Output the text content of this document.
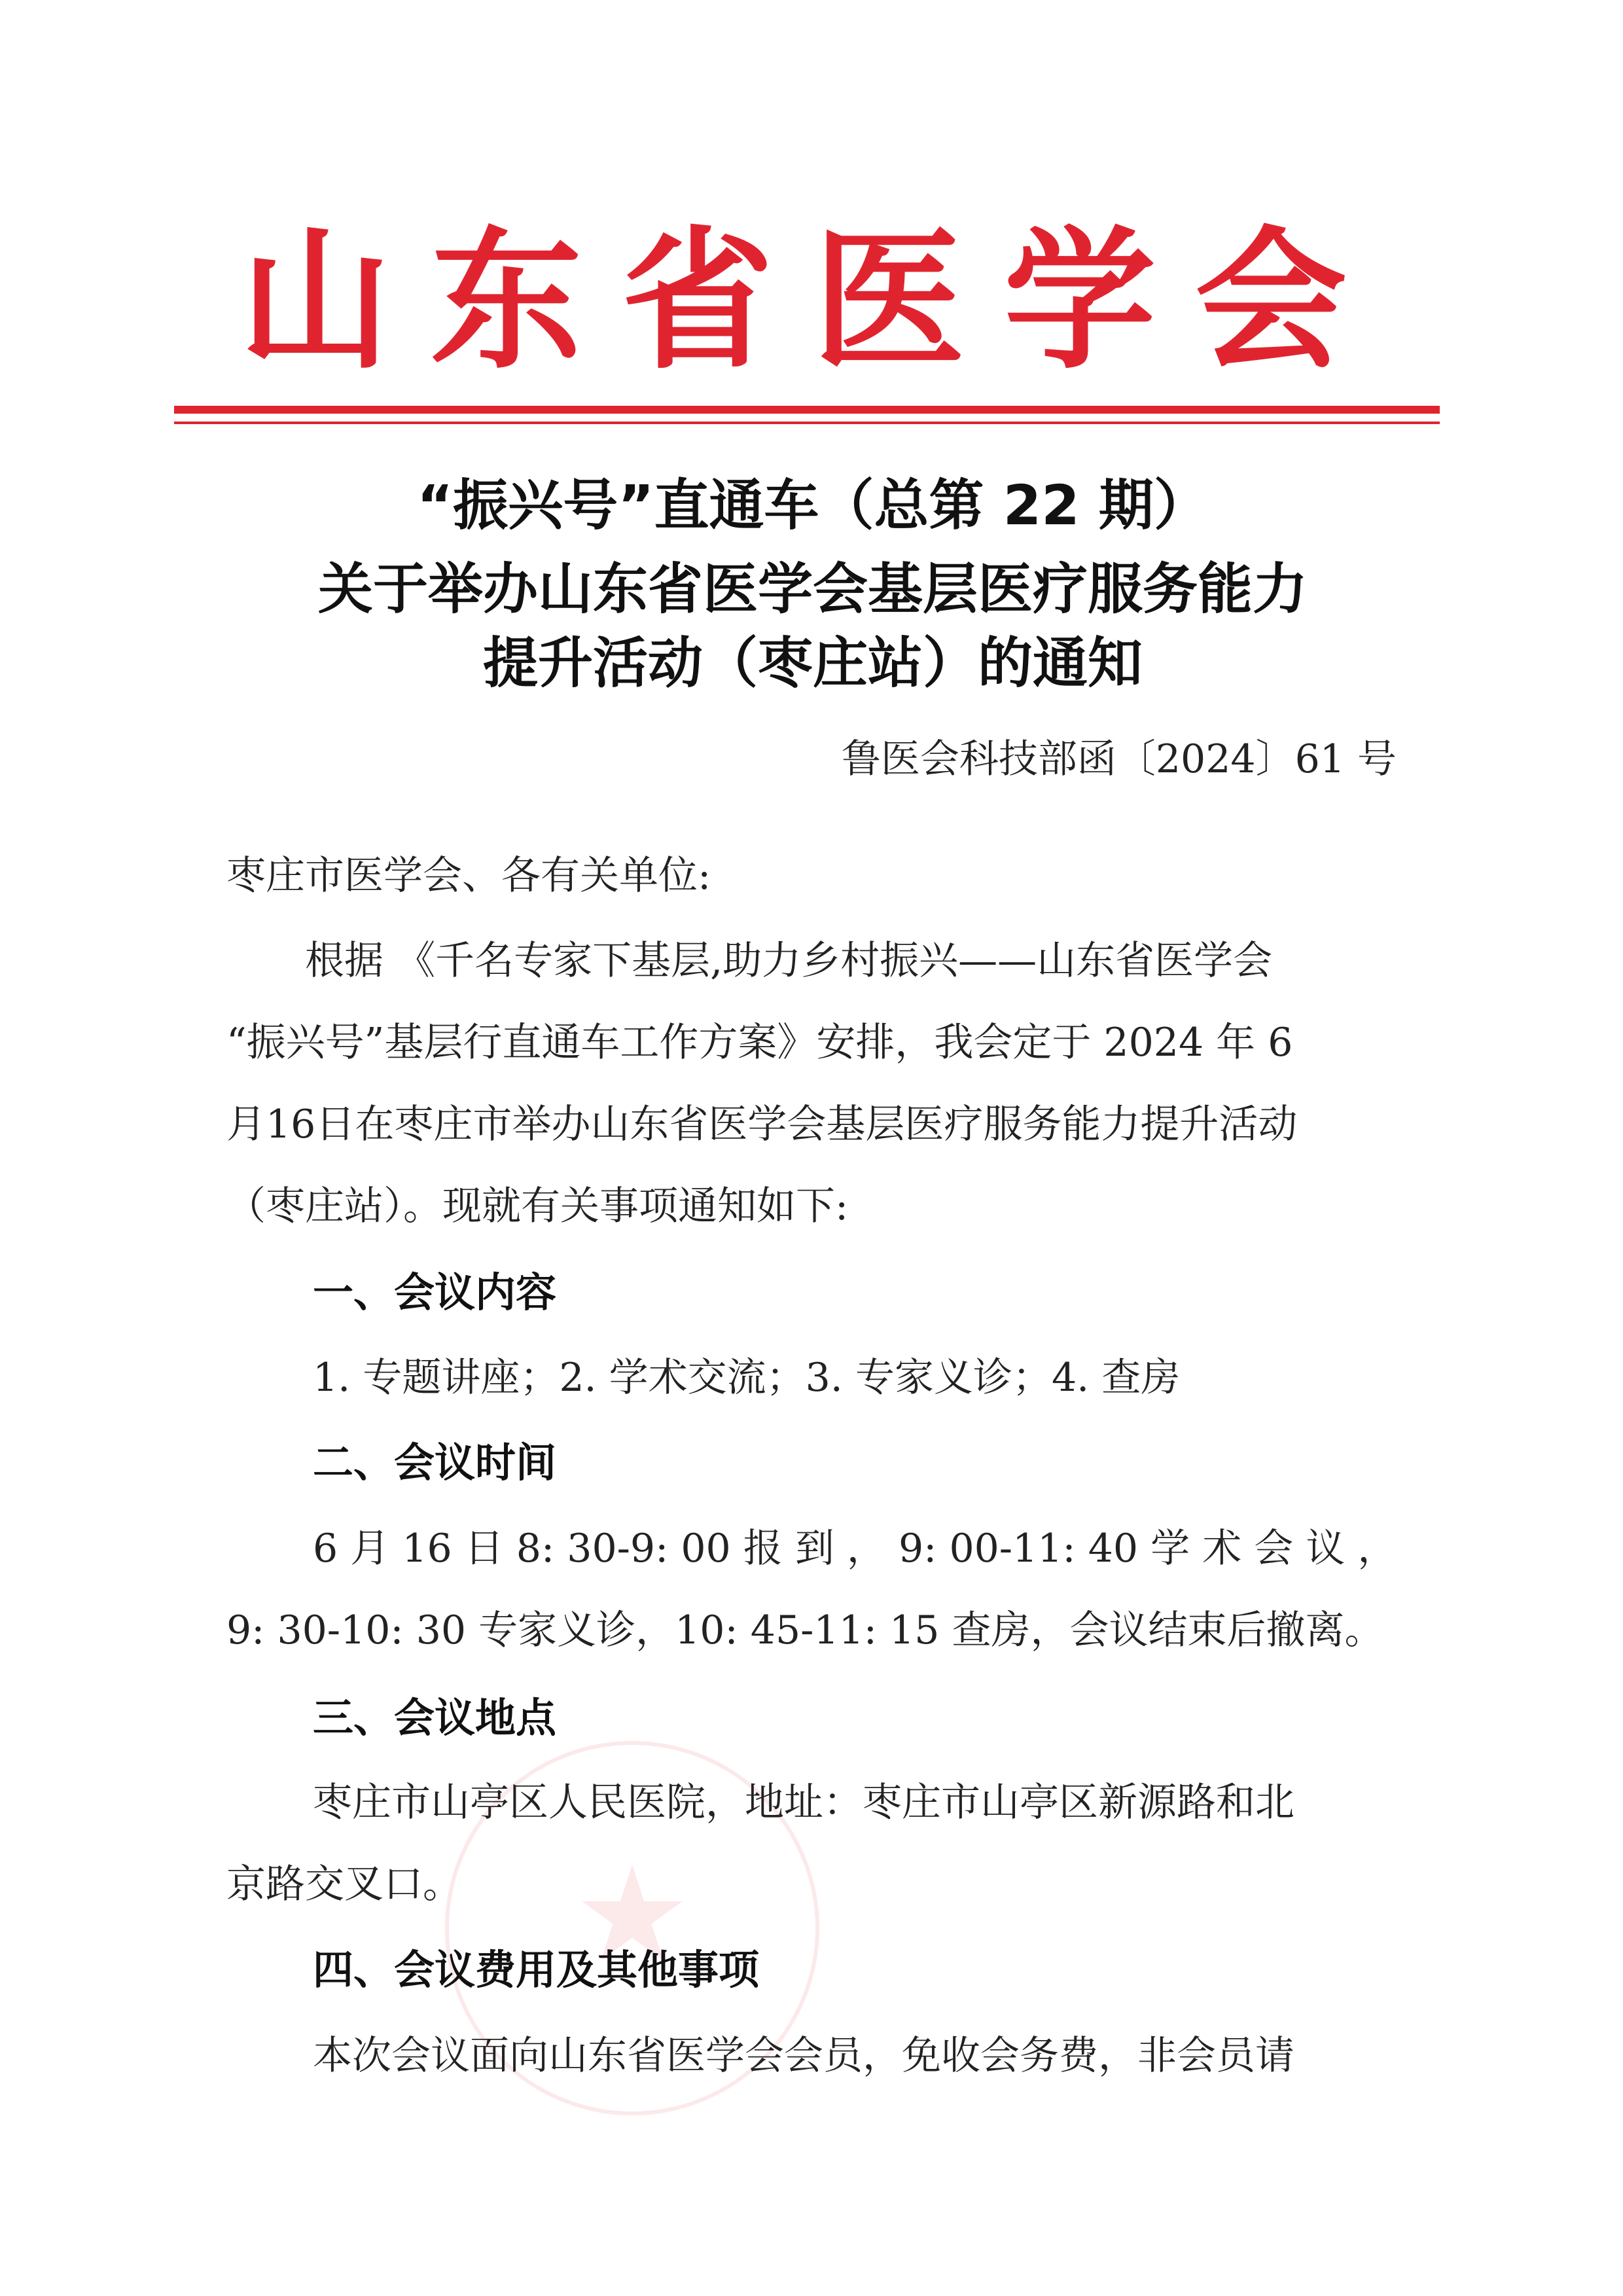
山东省医学会
“振兴号”直通车（总第 22 期）
关于举办山东省医学会基层医疗服务能力
提升活动（枣庄站）的通知
鲁医会科技部函〔2024〕61 号
★
枣庄市医学会、各有关单位:
根据 《千名专家下基层,助力乡村振兴——山东省医学会
“振兴号”基层行直通车工作方案》安排，我会定于 2024 年 6
月16日在枣庄市举办山东省医学会基层医疗服务能力提升活动
（枣庄站）。现就有关事项通知如下:
一、会议内容
1. 专题讲座；2. 学术交流；3. 专家义诊；4. 查房
二、会议时间
6 月 16 日 8: 30-9: 00 报 到 ， 9: 00-11: 40 学 术 会 议 ，
9: 30-10: 30 专家义诊，10: 45-11: 15 查房，会议结束后撤离。
三、会议地点
枣庄市山亭区人民医院，地址：枣庄市山亭区新源路和北
京路交叉口。
四、会议费用及其他事项
本次会议面向山东省医学会会员，免收会务费，非会员请
